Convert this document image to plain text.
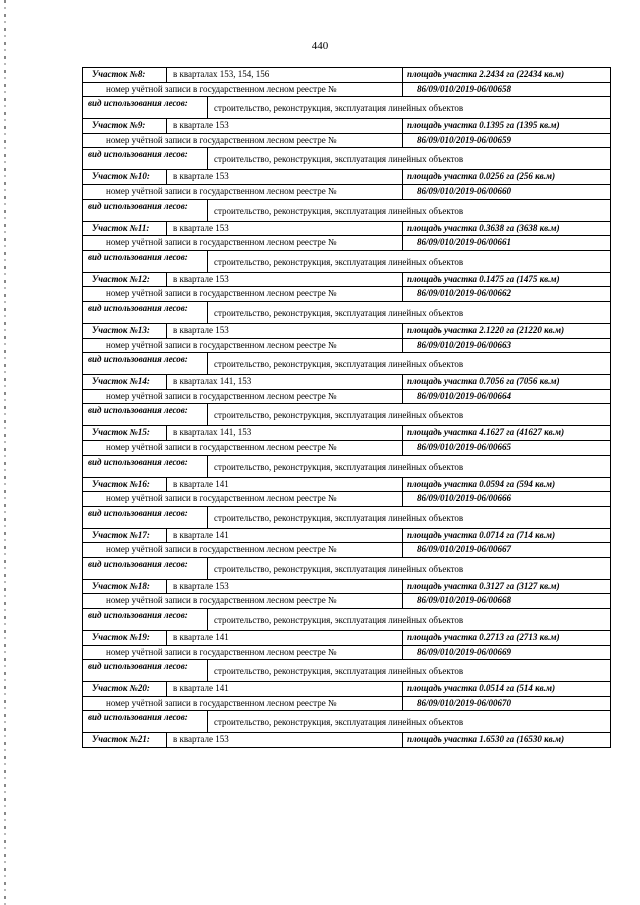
440
Участок №8:	в кварталах 153, 154, 156	площадь участка 2.2434 га (22434 кв.м)
номер учётной записи в государственном лесном реестре №	86/09/010/2019-06/00658
вид использования лесов:	строительство, реконструкция, эксплуатация линейных объектов
Участок №9:	в квартале 153	площадь участка 0.1395 га (1395 кв.м)
номер учётной записи в государственном лесном реестре №	86/09/010/2019-06/00659
вид использования лесов:	строительство, реконструкция, эксплуатация линейных объектов
Участок №10:	в квартале 153	площадь участка 0.0256 га (256 кв.м)
номер учётной записи в государственном лесном реестре №	86/09/010/2019-06/00660
вид использования лесов:	строительство, реконструкция, эксплуатация линейных объектов
Участок №11:	в квартале 153	площадь участка 0.3638 га (3638 кв.м)
номер учётной записи в государственном лесном реестре №	86/09/010/2019-06/00661
вид использования лесов:	строительство, реконструкция, эксплуатация линейных объектов
Участок №12:	в квартале 153	площадь участка 0.1475 га (1475 кв.м)
номер учётной записи в государственном лесном реестре №	86/09/010/2019-06/00662
вид использования лесов:	строительство, реконструкция, эксплуатация линейных объектов
Участок №13:	в квартале 153	площадь участка 2.1220 га (21220 кв.м)
номер учётной записи в государственном лесном реестре №	86/09/010/2019-06/00663
вид использования лесов:	строительство, реконструкция, эксплуатация линейных объектов
Участок №14:	в кварталах 141, 153	площадь участка 0.7056 га (7056 кв.м)
номер учётной записи в государственном лесном реестре №	86/09/010/2019-06/00664
вид использования лесов:	строительство, реконструкция, эксплуатация линейных объектов
Участок №15:	в кварталах 141, 153	площадь участка 4.1627 га (41627 кв.м)
номер учётной записи в государственном лесном реестре №	86/09/010/2019-06/00665
вид использования лесов:	строительство, реконструкция, эксплуатация линейных объектов
Участок №16:	в квартале 141	площадь участка 0.0594 га (594 кв.м)
номер учётной записи в государственном лесном реестре №	86/09/010/2019-06/00666
вид использования лесов:	строительство, реконструкция, эксплуатация линейных объектов
Участок №17:	в квартале 141	площадь участка 0.0714 га (714 кв.м)
номер учётной записи в государственном лесном реестре №	86/09/010/2019-06/00667
вид использования лесов:	строительство, реконструкция, эксплуатация линейных объектов
Участок №18:	в квартале 153	площадь участка 0.3127 га (3127 кв.м)
номер учётной записи в государственном лесном реестре №	86/09/010/2019-06/00668
вид использования лесов:	строительство, реконструкция, эксплуатация линейных объектов
Участок №19:	в квартале 141	площадь участка 0.2713 га (2713 кв.м)
номер учётной записи в государственном лесном реестре №	86/09/010/2019-06/00669
вид использования лесов:	строительство, реконструкция, эксплуатация линейных объектов
Участок №20:	в квартале 141	площадь участка 0.0514 га (514 кв.м)
номер учётной записи в государственном лесном реестре №	86/09/010/2019-06/00670
вид использования лесов:	строительство, реконструкция, эксплуатация линейных объектов
Участок №21:	в квартале 153	площадь участка 1.6530 га (16530 кв.м)
